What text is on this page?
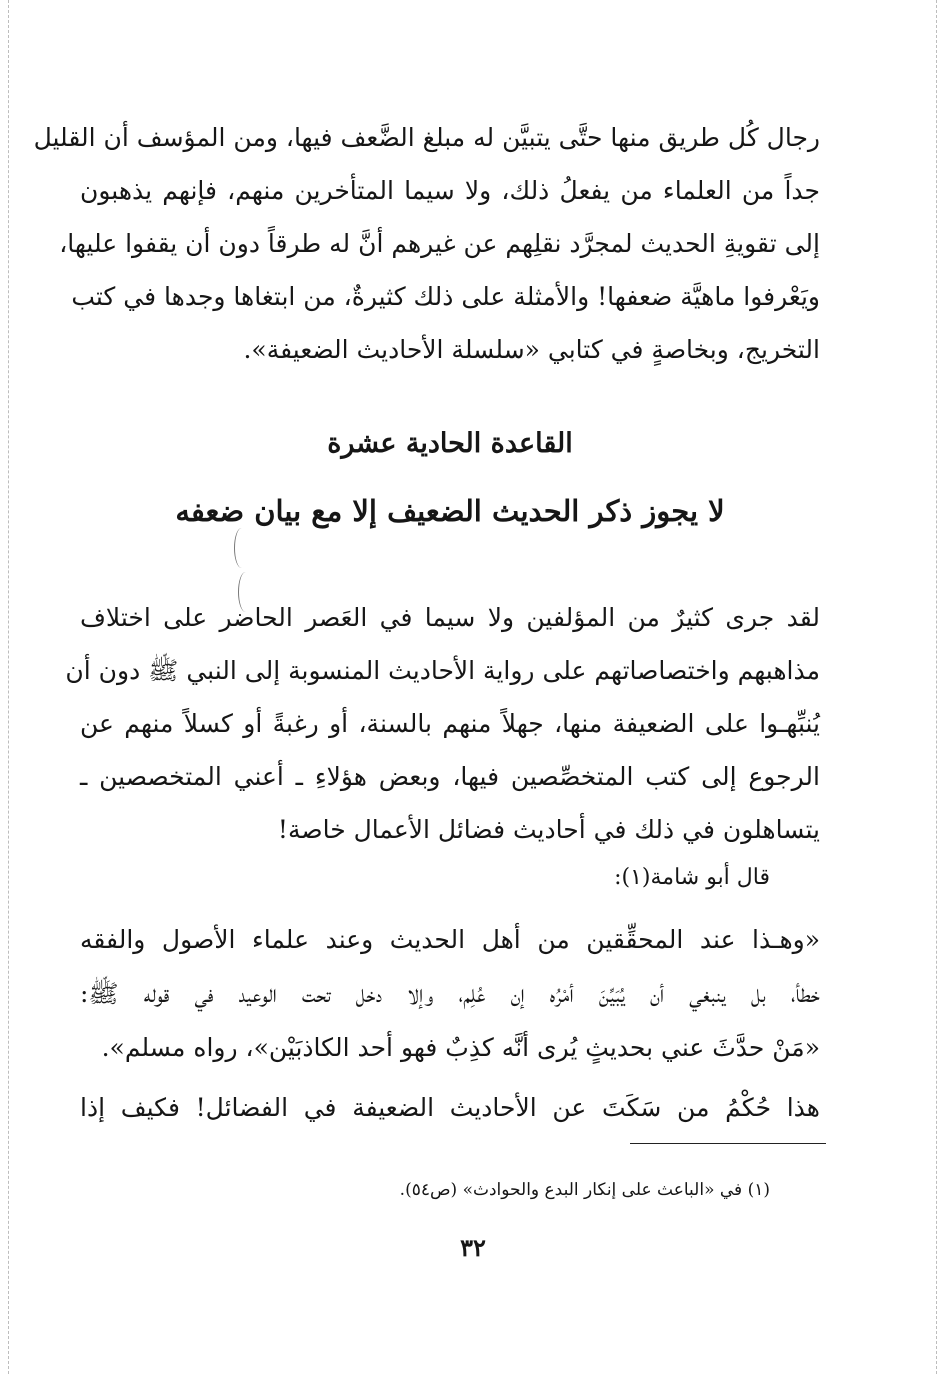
رجال كُل طريق منها حتَّى يتبيَّن له مبلغ الضَّعف فيها، ومن المؤسف أن القليل
جداً من العلماء من يفعلُ ذلك، ولا سيما المتأخرين منهم، فإنهم يذهبون
إلى تقويةِ الحديث لمجرَّد نقلِهم عن غيرهم أنَّ له طرقاً دون أن يقفوا عليها،
ويَعْرفوا ماهيَّة ضعفها! والأمثلة على ذلك كثيرةٌ، من ابتغاها وجدها في كتب
التخريج، وبخاصةٍ في كتابي «سلسلة الأحاديث الضعيفة».
القاعدة الحادية عشرة
لا يجوز ذكر الحديث الضعيف إلا مع بيان ضعفه
لقد جرى كثيرٌ من المؤلفين ولا سيما في العَصر الحاضر على اختلاف
مذاهبهم واختصاصاتهم على رواية الأحاديث المنسوبة إلى النبي ﷺ دون أن
يُنبِّهـوا على الضعيفة منها، جهلاً منهم بالسنة، أو رغبةً أو كسلاً منهم عن
الرجوع إلى كتب المتخصِّصين فيها، وبعض هؤلاءِ ـ أعني المتخصصين ـ
يتساهلون في ذلك في أحاديث فضائل الأعمال خاصة!
قال أبو شامة(١):
«وهـذا عند المحقِّقين من أهل الحديث وعند علماء الأصول والفقه
خطأ، بل ينبغي أن يُبَيِّنَ أمْرُه إن عُلِم، وإلا دخل تحت الوعيد في قوله ﷺ:
«مَنْ حدَّثَ عني بحديثٍ يُرى أنَّه كذِبٌ فهو أحد الكاذبَيْن»، رواه مسلم».
هذا حُكْمُ من سَكَتَ عن الأحاديث الضعيفة في الفضائل! فكيف إذا
(١) في «الباعث على إنكار البدع والحوادث» (ص٥٤).
٣٢
